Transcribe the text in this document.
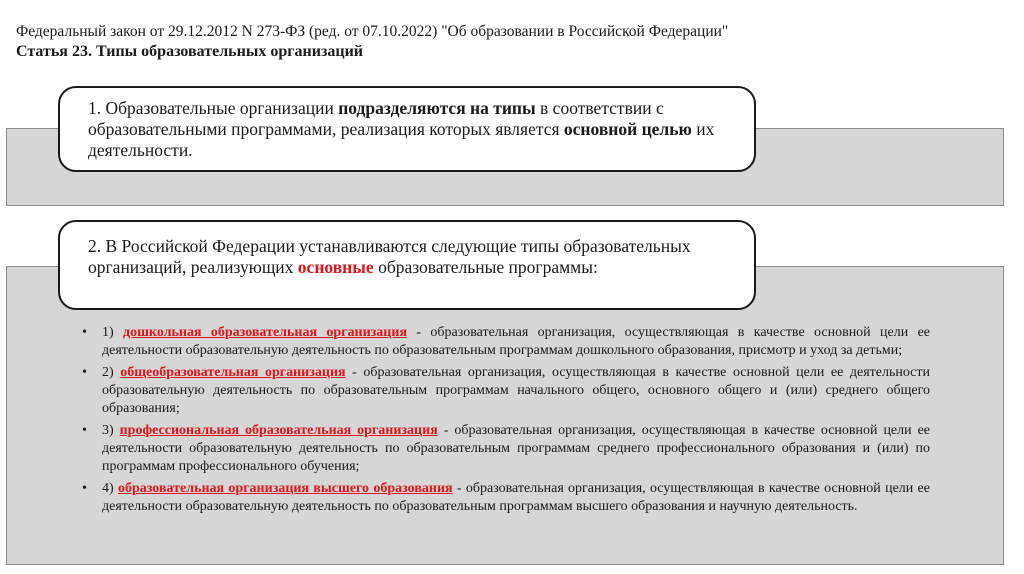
Федеральный закон от 29.12.2012 N 273-ФЗ (ред. от 07.10.2022) "Об образовании в Российской Федерации"

Статья 23. Типы образовательных организаций

1. Образовательные организации подразделяются на типы в соответствии с образовательными программами, реализация которых является основной целью их деятельности.
2. В Российской Федерации устанавливаются следующие типы образовательных организаций, реализующих основные образовательные программы:
• 1) дошкольная образовательная организация - образовательная организация, осуществляющая в качестве основной цели ее деятельности образовательную деятельность по образовательным программам дошкольного образования, присмотр и уход за детьми;
• 2) общеобразовательная организация - образовательная организация, осуществляющая в качестве основной цели ее деятельности образовательную деятельность по образовательным программам начального общего, основного общего и (или) среднего общего образования;
• 3) профессиональная образовательная организация - образовательная организация, осуществляющая в качестве основной цели ее деятельности образовательную деятельность по образовательным программам среднего профессионального образования и (или) по программам профессионального обучения;
• 4) образовательная организация высшего образования - образовательная организация, осуществляющая в качестве основной цели ее деятельности образовательную деятельность по образовательным программам высшего образования и научную деятельность.
